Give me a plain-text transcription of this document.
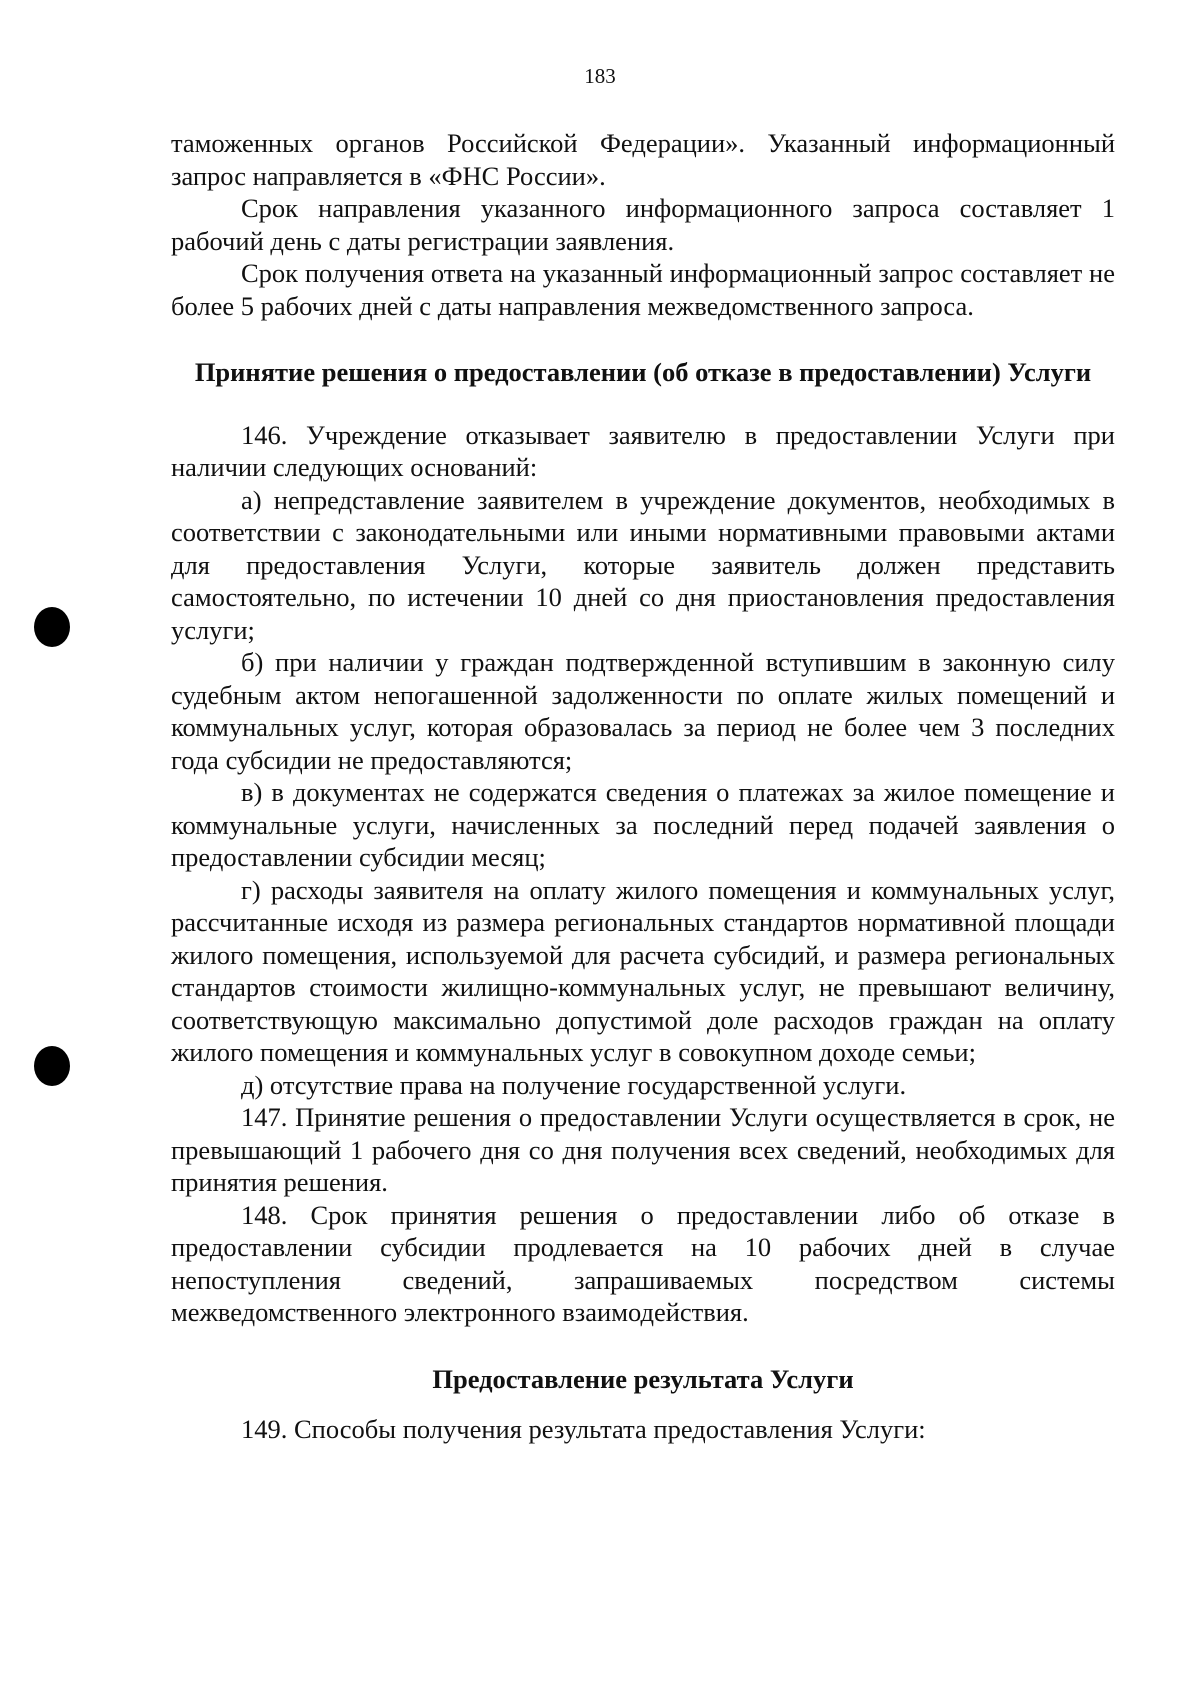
183

таможенных органов Российской Федерации». Указанный информационный запрос направляется в «ФНС России».

Срок направления указанного информационного запроса составляет 1 рабочий день с даты регистрации заявления.

Срок получения ответа на указанный информационный запрос составляет не более 5 рабочих дней с даты направления межведомственного запроса.

Принятие решения о предоставлении (об отказе в предоставлении) Услуги

146. Учреждение отказывает заявителю в предоставлении Услуги при наличии следующих оснований:

а) непредставление заявителем в учреждение документов, необходимых в соответствии с законодательными или иными нормативными правовыми актами для предоставления Услуги, которые заявитель должен представить самостоятельно, по истечении 10 дней со дня приостановления предоставления услуги;

б) при наличии у граждан подтвержденной вступившим в законную силу судебным актом непогашенной задолженности по оплате жилых помещений и коммунальных услуг, которая образовалась за период не более чем 3 последних года субсидии не предоставляются;

в) в документах не содержатся сведения о платежах за жилое помещение и коммунальные услуги, начисленных за последний перед подачей заявления о предоставлении субсидии месяц;

г) расходы заявителя на оплату жилого помещения и коммунальных услуг, рассчитанные исходя из размера региональных стандартов нормативной площади жилого помещения, используемой для расчета субсидий, и размера региональных стандартов стоимости жилищно-коммунальных услуг, не превышают величину, соответствующую максимально допустимой доле расходов граждан на оплату жилого помещения и коммунальных услуг в совокупном доходе семьи;

д) отсутствие права на получение государственной услуги.

147. Принятие решения о предоставлении Услуги осуществляется в срок, не превышающий 1 рабочего дня со дня получения всех сведений, необходимых для принятия решения.

148. Срок принятия решения о предоставлении либо об отказе в предоставлении субсидии продлевается на 10 рабочих дней в случае непоступления сведений, запрашиваемых посредством системы межведомственного электронного взаимодействия.

Предоставление результата Услуги

149. Способы получения результата предоставления Услуги:
